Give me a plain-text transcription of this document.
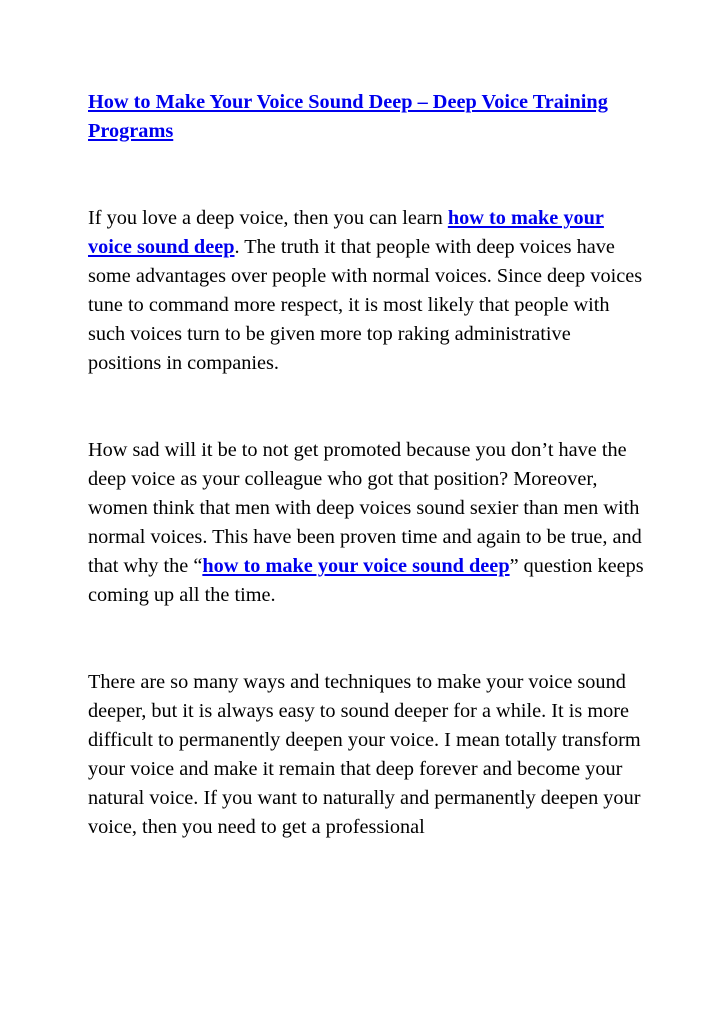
How to Make Your Voice Sound Deep – Deep Voice Training Programs

If you love a deep voice, then you can learn how to make your voice sound deep. The truth it that people with deep voices have some advantages over people with normal voices. Since deep voices tune to command more respect, it is most likely that people with such voices turn to be given more top raking administrative positions in companies.

How sad will it be to not get promoted because you don’t have the deep voice as your colleague who got that position? Moreover, women think that men with deep voices sound sexier than men with normal voices. This have been proven time and again to be true, and that why the “how to make your voice sound deep” question keeps coming up all the time.

There are so many ways and techniques to make your voice sound deeper, but it is always easy to sound deeper for a while. It is more difficult to permanently deepen your voice. I mean totally transform your voice and make it remain that deep forever and become your natural voice. If you want to naturally and permanently deepen your voice, then you need to get a professional
